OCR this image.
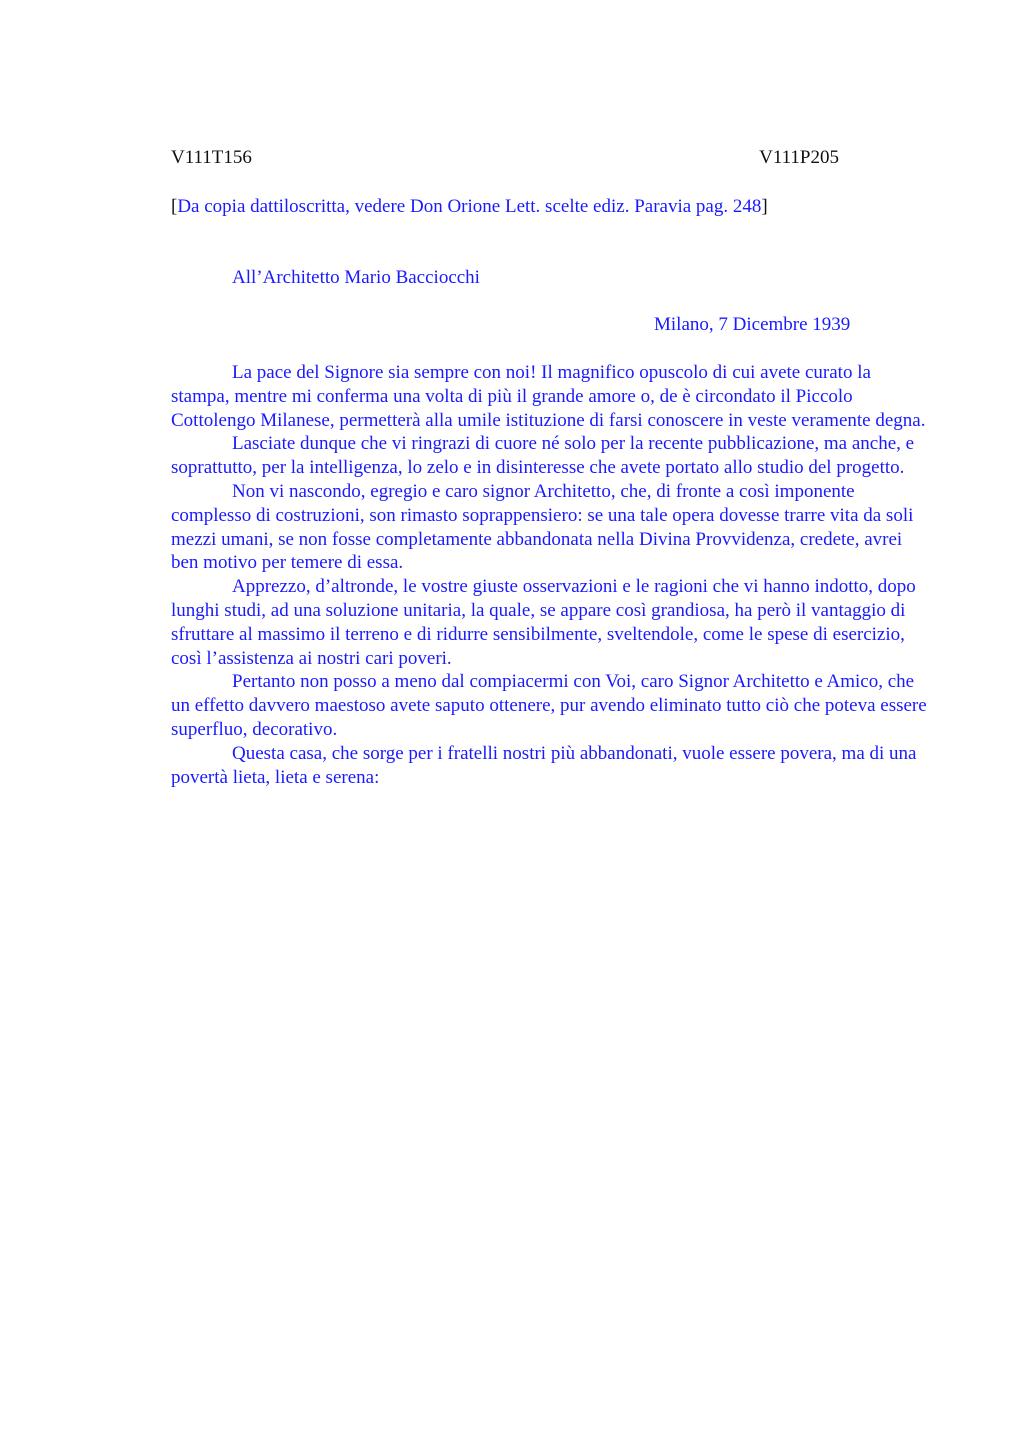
V111T156	V111P205
[Da copia dattiloscritta, vedere Don Orione Lett. scelte ediz. Paravia pag. 248]
All’Architetto Mario Bacciocchi
Milano, 7 Dicembre 1939

La pace del Signore sia sempre con noi! Il magnifico opuscolo di cui avete curato la stampa, mentre mi conferma una volta di più il grande amore o, de è circondato il Piccolo Cottolengo Milanese, permetterà alla umile istituzione di farsi conoscere in veste veramente degna.

Lasciate dunque che vi ringrazi di cuore né solo per la recente pubblicazione, ma anche, e soprattutto, per la intelligenza, lo zelo e in disinteresse che avete portato allo studio del progetto.

Non vi nascondo, egregio e caro signor Architetto, che, di fronte a così imponente complesso di costruzioni, son rimasto soprappensiero: se una tale opera dovesse trarre vita da soli mezzi umani, se non fosse completamente abbandonata nella Divina Provvidenza, credete, avrei ben motivo per temere di essa.

Apprezzo, d’altronde, le vostre giuste osservazioni e le ragioni che vi hanno indotto, dopo lunghi studi, ad una soluzione unitaria, la quale, se appare così grandiosa, ha però il vantaggio di sfruttare al massimo il terreno e di ridurre sensibilmente, sveltendole, come le spese di esercizio, così l’assistenza ai nostri cari poveri.

Pertanto non posso a meno dal compiacermi con Voi, caro Signor Architetto e Amico, che un effetto davvero maestoso avete saputo ottenere, pur avendo eliminato tutto ciò che poteva essere superfluo, decorativo.

Questa casa, che sorge per i fratelli nostri più abbandonati, vuole essere povera, ma di una povertà lieta, lieta e serena:
